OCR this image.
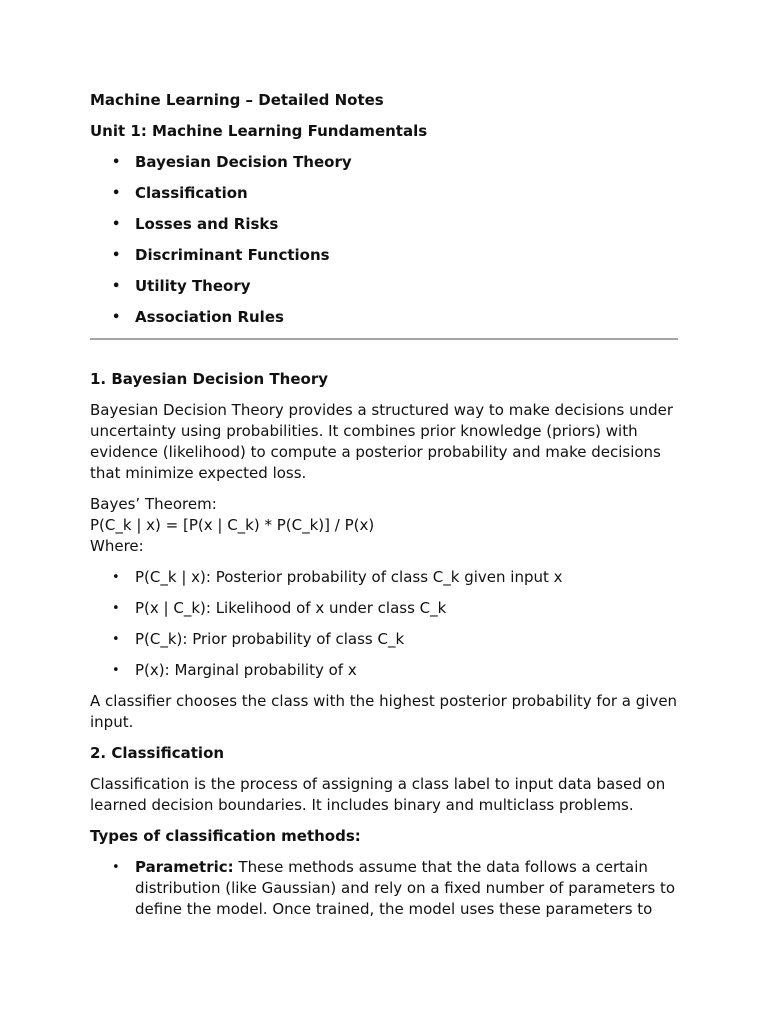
Machine Learning – Detailed Notes

Unit 1: Machine Learning Fundamentals

• Bayesian Decision Theory
• Classification
• Losses and Risks
• Discriminant Functions
• Utility Theory
• Association Rules

1. Bayesian Decision Theory

Bayesian Decision Theory provides a structured way to make decisions under uncertainty using probabilities. It combines prior knowledge (priors) with evidence (likelihood) to compute a posterior probability and make decisions that minimize expected loss.

Bayes’ Theorem:

P(C_k | x) = [P(x | C_k) * P(C_k)] / P(x)

Where:

• P(C_k | x): Posterior probability of class C_k given input x
• P(x | C_k): Likelihood of x under class C_k
• P(C_k): Prior probability of class C_k
• P(x): Marginal probability of x

A classifier chooses the class with the highest posterior probability for a given input.

2. Classification

Classification is the process of assigning a class label to input data based on learned decision boundaries. It includes binary and multiclass problems.

Types of classification methods:

• Parametric: These methods assume that the data follows a certain distribution (like Gaussian) and rely on a fixed number of parameters to define the model. Once trained, the model uses these parameters to
